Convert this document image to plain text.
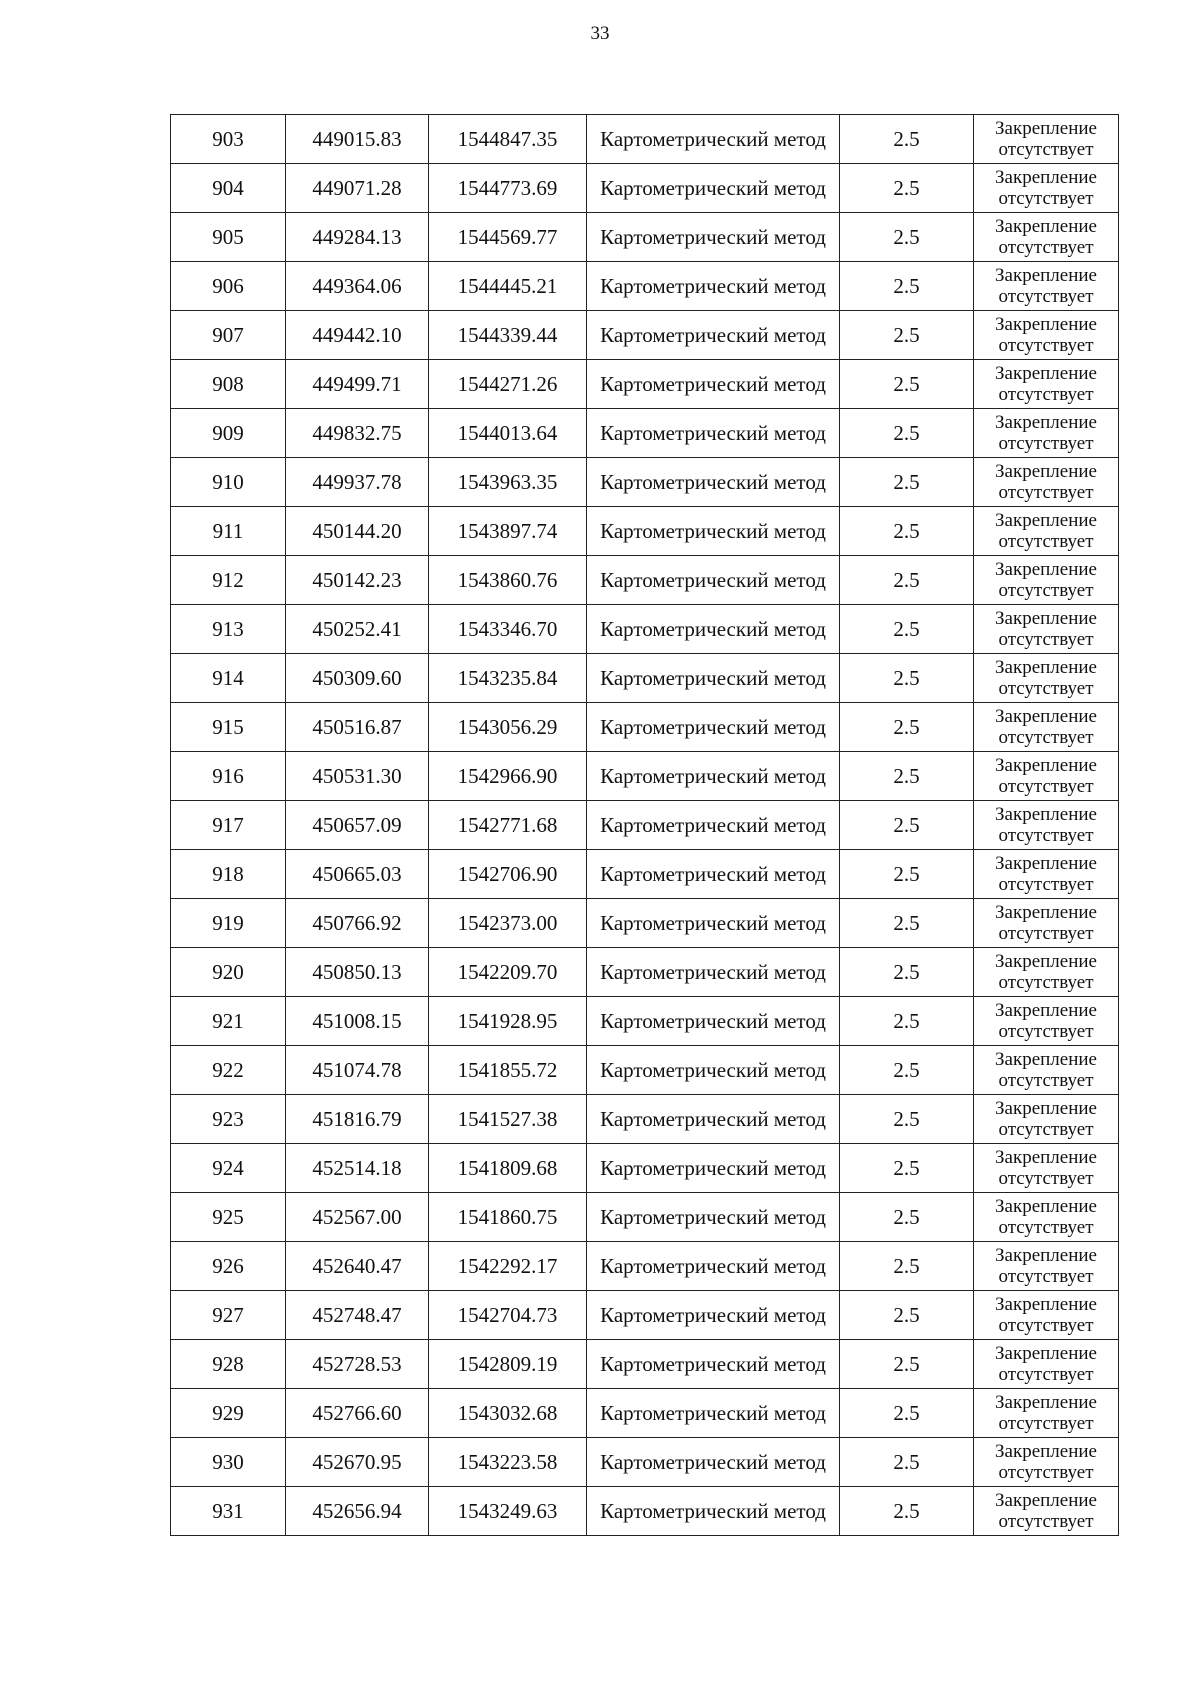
33
903	449015.83	1544847.35	Картометрический метод	2.5	Закрепление
отсутствует

904	449071.28	1544773.69	Картометрический метод	2.5	Закрепление
отсутствует

905	449284.13	1544569.77	Картометрический метод	2.5	Закрепление
отсутствует

906	449364.06	1544445.21	Картометрический метод	2.5	Закрепление
отсутствует

907	449442.10	1544339.44	Картометрический метод	2.5	Закрепление
отсутствует

908	449499.71	1544271.26	Картометрический метод	2.5	Закрепление
отсутствует

909	449832.75	1544013.64	Картометрический метод	2.5	Закрепление
отсутствует

910	449937.78	1543963.35	Картометрический метод	2.5	Закрепление
отсутствует

911	450144.20	1543897.74	Картометрический метод	2.5	Закрепление
отсутствует

912	450142.23	1543860.76	Картометрический метод	2.5	Закрепление
отсутствует

913	450252.41	1543346.70	Картометрический метод	2.5	Закрепление
отсутствует

914	450309.60	1543235.84	Картометрический метод	2.5	Закрепление
отсутствует

915	450516.87	1543056.29	Картометрический метод	2.5	Закрепление
отсутствует

916	450531.30	1542966.90	Картометрический метод	2.5	Закрепление
отсутствует

917	450657.09	1542771.68	Картометрический метод	2.5	Закрепление
отсутствует

918	450665.03	1542706.90	Картометрический метод	2.5	Закрепление
отсутствует

919	450766.92	1542373.00	Картометрический метод	2.5	Закрепление
отсутствует

920	450850.13	1542209.70	Картометрический метод	2.5	Закрепление
отсутствует

921	451008.15	1541928.95	Картометрический метод	2.5	Закрепление
отсутствует

922	451074.78	1541855.72	Картометрический метод	2.5	Закрепление
отсутствует

923	451816.79	1541527.38	Картометрический метод	2.5	Закрепление
отсутствует

924	452514.18	1541809.68	Картометрический метод	2.5	Закрепление
отсутствует

925	452567.00	1541860.75	Картометрический метод	2.5	Закрепление
отсутствует

926	452640.47	1542292.17	Картометрический метод	2.5	Закрепление
отсутствует

927	452748.47	1542704.73	Картометрический метод	2.5	Закрепление
отсутствует

928	452728.53	1542809.19	Картометрический метод	2.5	Закрепление
отсутствует

929	452766.60	1543032.68	Картометрический метод	2.5	Закрепление
отсутствует

930	452670.95	1543223.58	Картометрический метод	2.5	Закрепление
отсутствует

931	452656.94	1543249.63	Картометрический метод	2.5	Закрепление
отсутствует
